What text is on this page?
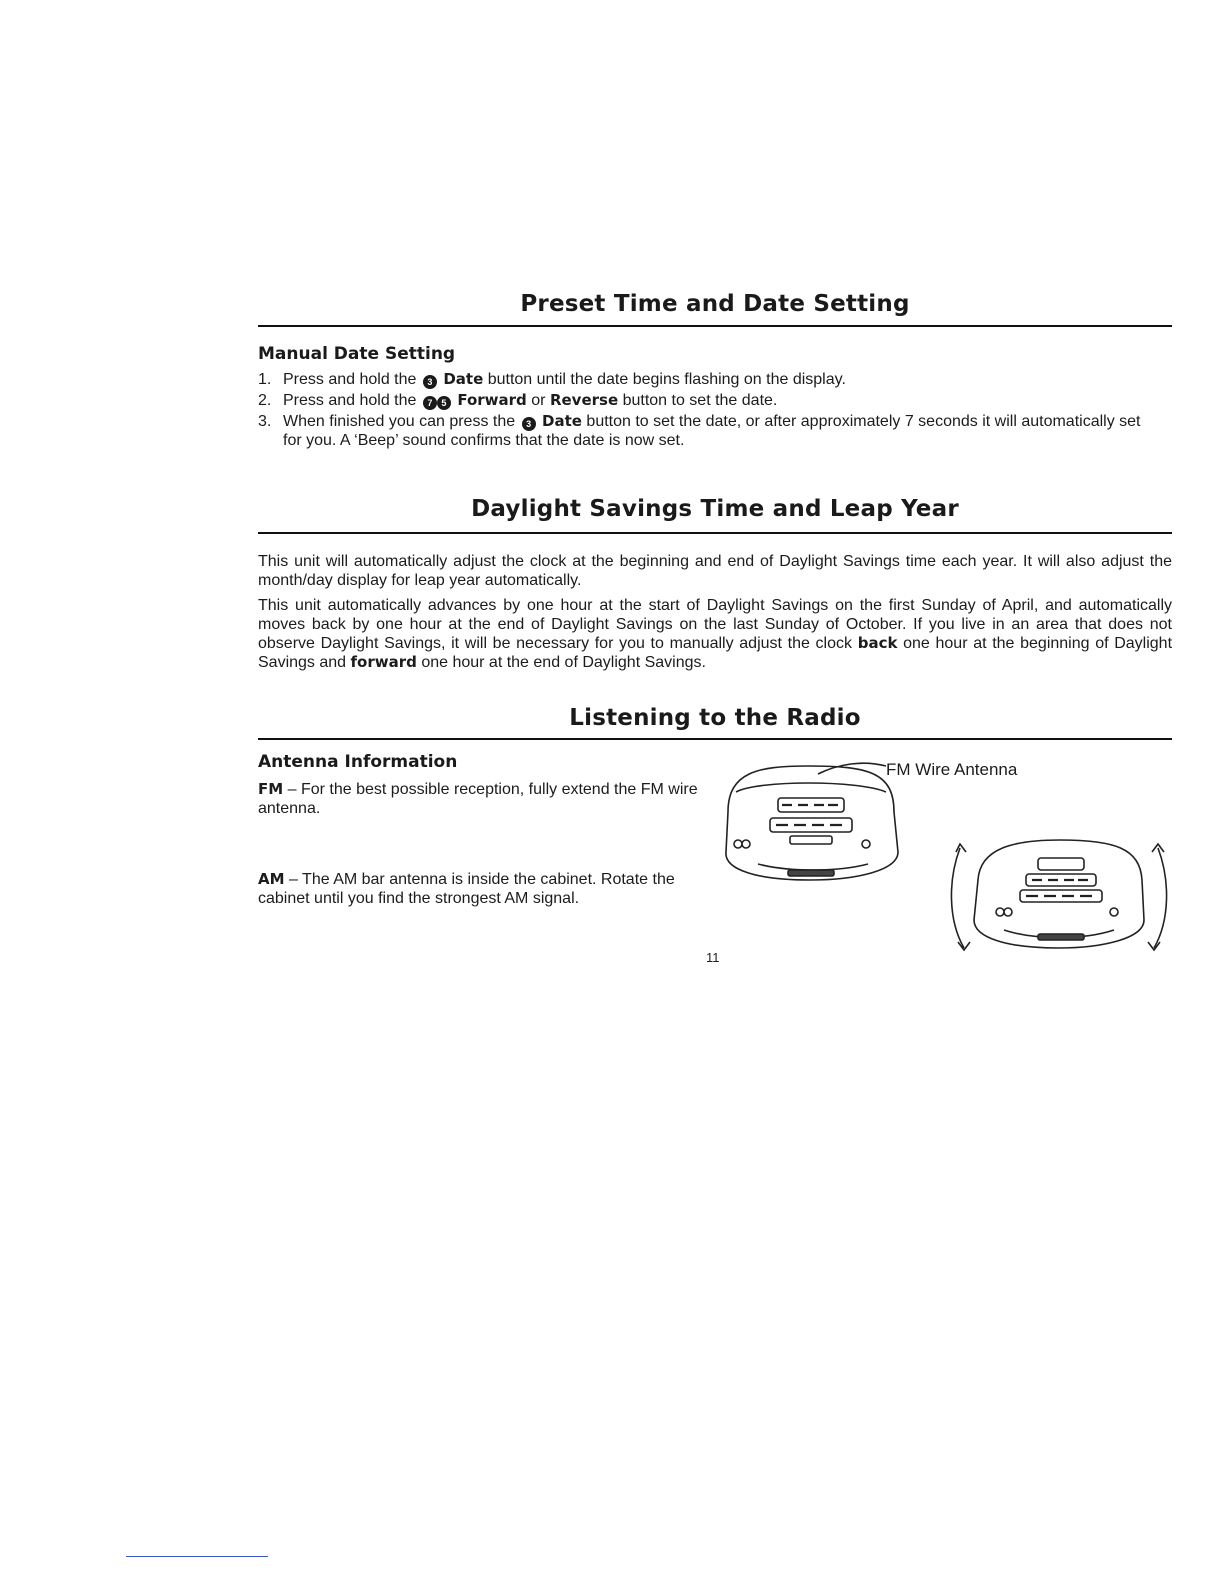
Preset Time and Date Setting
Manual Date Setting
1. Press and hold the 3 Date button until the date begins flashing on the display.
2. Press and hold the 7 5 Forward or Reverse button to set the date.
3. When finished you can press the 3 Date button to set the date, or after approximately 7 seconds it will automatically set for you. A ‘Beep’ sound confirms that the date is now set.
Daylight Savings Time and Leap Year

This unit will automatically adjust the clock at the beginning and end of Daylight Savings time each year. It will also adjust the month/day display for leap year automatically.

This unit automatically advances by one hour at the start of Daylight Savings on the first Sunday of April, and automatically moves back by one hour at the end of Daylight Savings on the last Sunday of October. If you live in an area that does not observe Daylight Savings, it will be necessary for you to manually adjust the clock back one hour at the beginning of Daylight Savings and forward one hour at the end of Daylight Savings.

Listening to the Radio
Antenna Information

FM – For the best possible reception, fully extend the FM wire antenna.

AM – The AM bar antenna is inside the cabinet. Rotate the cabinet until you find the strongest AM signal.

FM Wire Antenna
11
